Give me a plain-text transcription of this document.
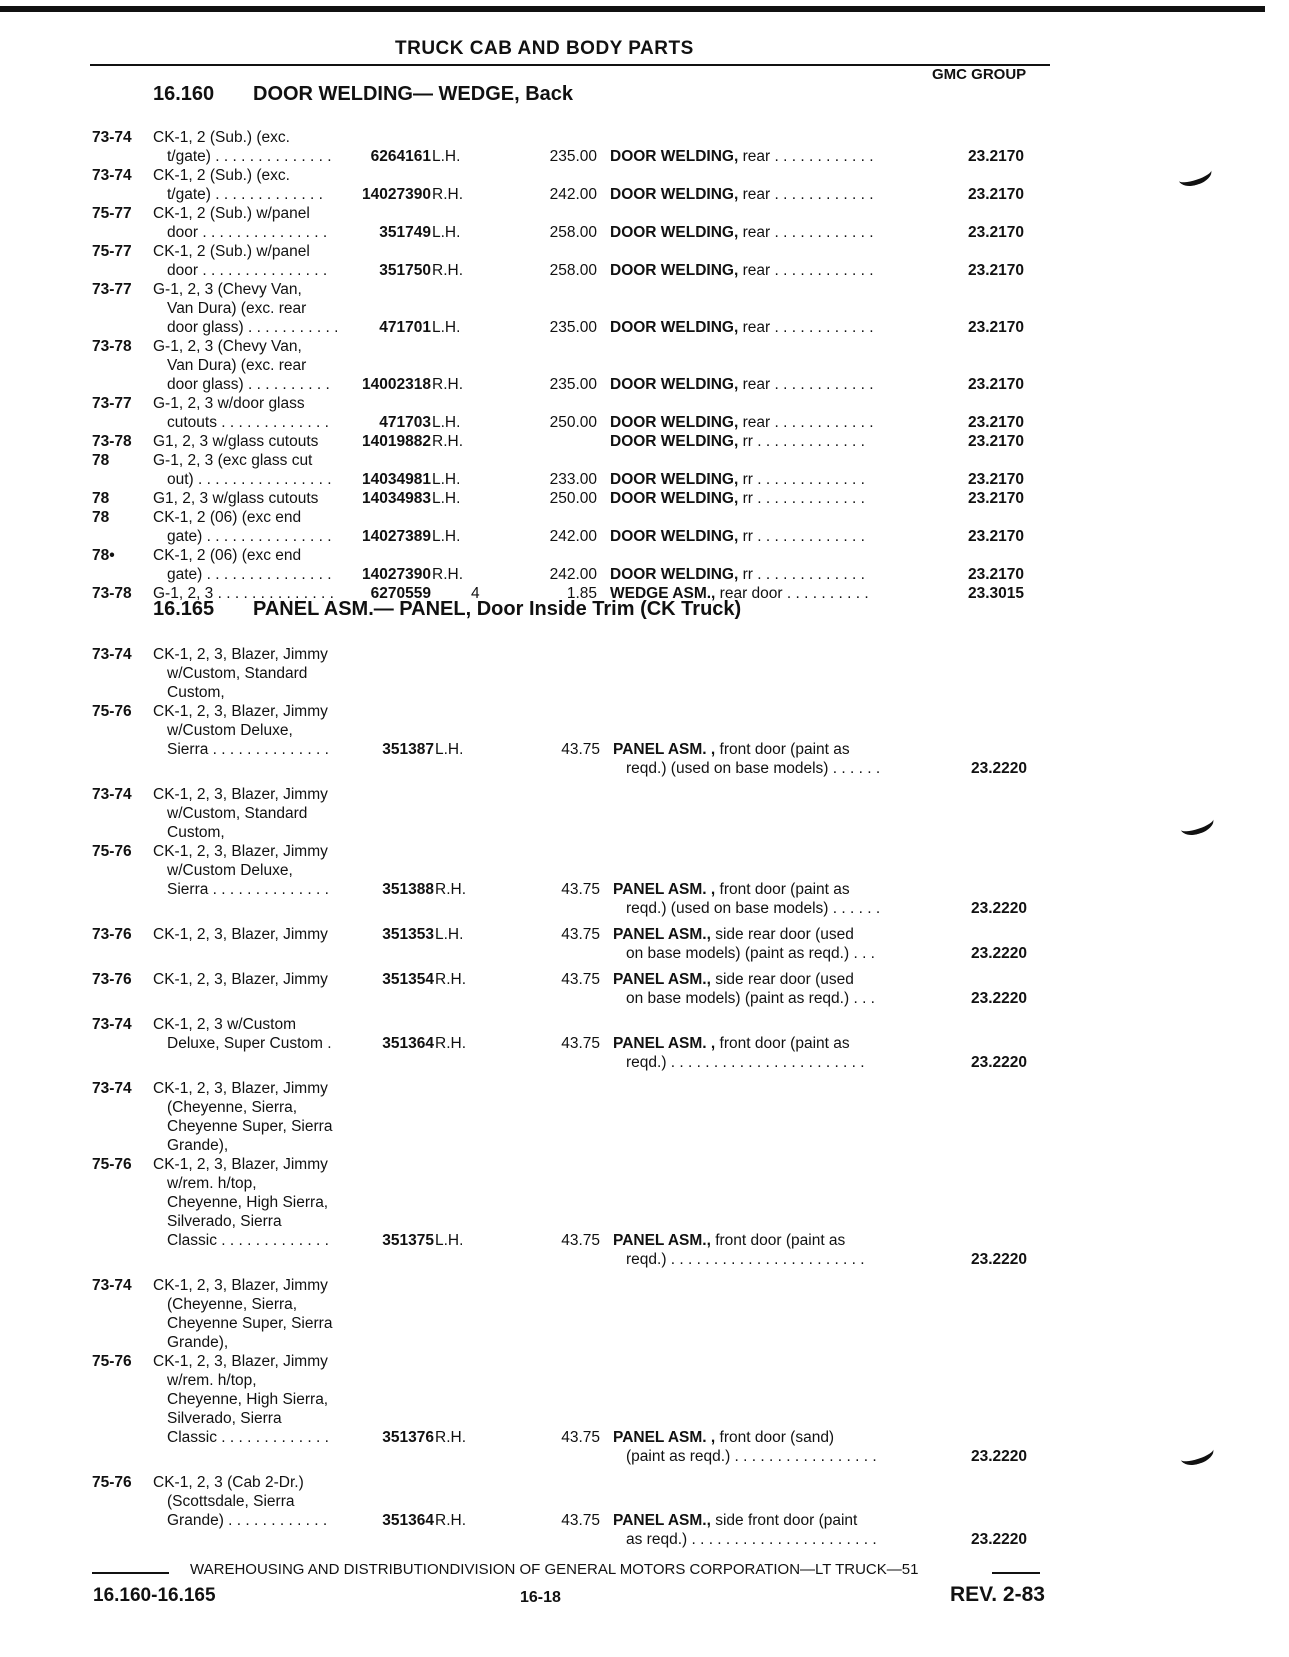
TRUCK CAB AND BODY PARTS
GMC GROUP
16.160 DOOR WELDING— WEDGE, Back
73-74 CK-1, 2 (Sub.) (exc.
t/gate) . . . . . . . . . . . . . .	6264161 L.H.	235.00 DOOR WELDING, rear . . . . . . . . . . . .	23.2170
73-74 CK-1, 2 (Sub.) (exc.
t/gate) . . . . . . . . . . . . .	14027390 R.H.	242.00 DOOR WELDING, rear . . . . . . . . . . . .	23.2170
75-77 CK-1, 2 (Sub.) w/panel
door . . . . . . . . . . . . . . .	351749 L.H.	258.00 DOOR WELDING, rear . . . . . . . . . . . .	23.2170
75-77 CK-1, 2 (Sub.) w/panel
door . . . . . . . . . . . . . . .	351750 R.H.	258.00 DOOR WELDING, rear . . . . . . . . . . . .	23.2170
73-77 G-1, 2, 3 (Chevy Van,
Van Dura) (exc. rear
door glass) . . . . . . . . . . .	471701 L.H.	235.00 DOOR WELDING, rear . . . . . . . . . . . .	23.2170
73-78 G-1, 2, 3 (Chevy Van,
Van Dura) (exc. rear
door glass) . . . . . . . . . .	14002318 R.H.	235.00 DOOR WELDING, rear . . . . . . . . . . . .	23.2170
73-77 G-1, 2, 3 w/door glass
cutouts . . . . . . . . . . . . .	471703 L.H.	250.00 DOOR WELDING, rear . . . . . . . . . . . .	23.2170
73-78 G1, 2, 3 w/glass cutouts	14019882 R.H.	DOOR WELDING, rr . . . . . . . . . . . . .	23.2170
78	G-1, 2, 3 (exc glass cut
out) . . . . . . . . . . . . . . . .	14034981 L.H.	233.00 DOOR WELDING, rr . . . . . . . . . . . . .	23.2170
78	G1, 2, 3 w/glass cutouts	14034983 L.H.	250.00 DOOR WELDING, rr . . . . . . . . . . . . .	23.2170
78	CK-1, 2 (06) (exc end
gate) . . . . . . . . . . . . . . .	14027389 L.H.	242.00 DOOR WELDING, rr . . . . . . . . . . . . .	23.2170
78• CK-1, 2 (06) (exc end
gate) . . . . . . . . . . . . . . .	14027390 R.H.	242.00 DOOR WELDING, rr . . . . . . . . . . . . .	23.2170
73-78 G-1, 2, 3 . . . . . . . . . . . . . .	6270559	4	1.85 WEDGE ASM., rear door . . . . . . . . . .	23.3015
16.165 PANEL ASM.— PANEL, Door Inside Trim (CK Truck)
73-74 CK-1, 2, 3, Blazer, Jimmy
w/Custom, Standard
Custom,
75-76 CK-1, 2, 3, Blazer, Jimmy
w/Custom Deluxe,
Sierra . . . . . . . . . . . . . .	351387 L.H.	43.75 PANEL ASM. , front door (paint as
reqd.) (used on base models) . . . . . .	23.2220
73-74 CK-1, 2, 3, Blazer, Jimmy
w/Custom, Standard
Custom,
75-76 CK-1, 2, 3, Blazer, Jimmy
w/Custom Deluxe,
Sierra . . . . . . . . . . . . . .	351388 R.H.	43.75 PANEL ASM. , front door (paint as
reqd.) (used on base models) . . . . . .	23.2220
73-76 CK-1, 2, 3, Blazer, Jimmy	351353 L.H.	43.75 PANEL ASM., side rear door (used
on base models) (paint as reqd.) . . .	23.2220
73-76 CK-1, 2, 3, Blazer, Jimmy	351354 R.H.	43.75 PANEL ASM., side rear door (used
on base models) (paint as reqd.) . . .	23.2220
73-74 CK-1, 2, 3 w/Custom
Deluxe, Super Custom .	351364 R.H.	43.75 PANEL ASM. , front door (paint as
reqd.) . . . . . . . . . . . . . . . . . . . . . . .	23.2220
73-74 CK-1, 2, 3, Blazer, Jimmy
(Cheyenne, Sierra,
Cheyenne Super, Sierra
Grande),
75-76 CK-1, 2, 3, Blazer, Jimmy
w/rem. h/top,
Cheyenne, High Sierra,
Silverado, Sierra
Classic . . . . . . . . . . . . .	351375 L.H.	43.75 PANEL ASM., front door (paint as
reqd.) . . . . . . . . . . . . . . . . . . . . . . .	23.2220
73-74 CK-1, 2, 3, Blazer, Jimmy
(Cheyenne, Sierra,
Cheyenne Super, Sierra
Grande),
75-76 CK-1, 2, 3, Blazer, Jimmy
w/rem. h/top,
Cheyenne, High Sierra,
Silverado, Sierra
Classic . . . . . . . . . . . . .	351376 R.H.	43.75 PANEL ASM. , front door (sand)
(paint as reqd.) . . . . . . . . . . . . . . . . .	23.2220
75-76 CK-1, 2, 3 (Cab 2-Dr.)
(Scottsdale, Sierra
Grande) . . . . . . . . . . . .	351364 R.H.	43.75 PANEL ASM., side front door (paint
as reqd.) . . . . . . . . . . . . . . . . . . . . . .	23.2220
WAREHOUSING AND DISTRIBUTIONDIVISION OF GENERAL MOTORS CORPORATION—LT TRUCK—51
16.160-16.165	16-18	REV. 2-83
